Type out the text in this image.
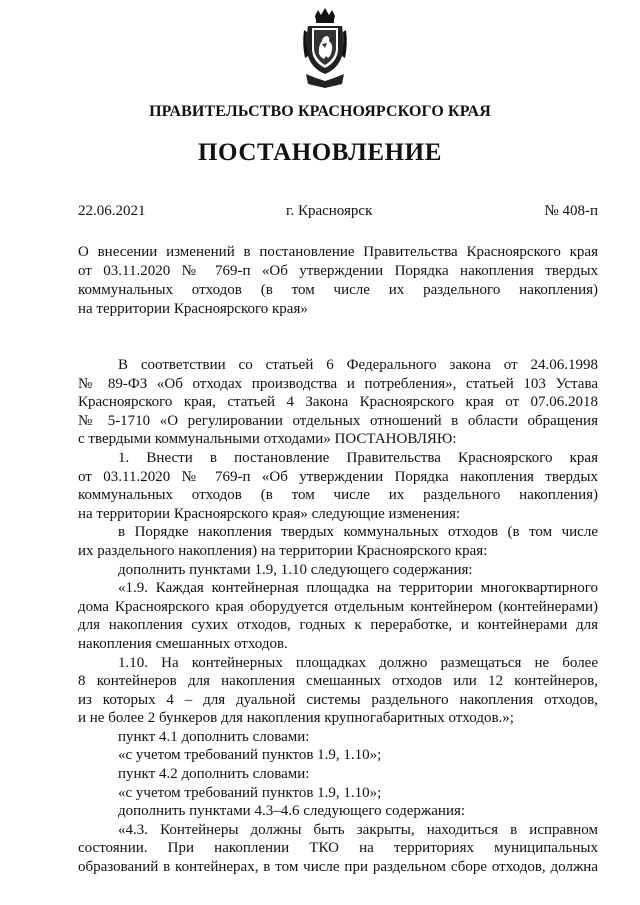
ПРАВИТЕЛЬСТВО КРАСНОЯРСКОГО КРАЯ
ПОСТАНОВЛЕНИЕ
22.06.2021	г. Красноярск	№ 408-п
О внесении изменений в постановление Правительства Красноярского края
от 03.11.2020 № 769-п «Об утверждении Порядка накопления твердых
коммунальных отходов (в том числе их раздельного накопления)
на территории Красноярского края»
В соответствии со статьей 6 Федерального закона от 24.06.1998
№ 89-ФЗ «Об отходах производства и потребления», статьей 103 Устава
Красноярского края, статьей 4 Закона Красноярского края от 07.06.2018
№ 5-1710 «О регулировании отдельных отношений в области обращения
с твердыми коммунальными отходами» ПОСТАНОВЛЯЮ:
1. Внести в постановление Правительства Красноярского края
от 03.11.2020 № 769-п «Об утверждении Порядка накопления твердых
коммунальных отходов (в том числе их раздельного накопления)
на территории Красноярского края» следующие изменения:
в Порядке накопления твердых коммунальных отходов (в том числе
их раздельного накопления) на территории Красноярского края:
дополнить пунктами 1.9, 1.10 следующего содержания:
«1.9. Каждая контейнерная площадка на территории многоквартирного
дома Красноярского края оборудуется отдельным контейнером (контейнерами)
для накопления сухих отходов, годных к переработке, и контейнерами для
накопления смешанных отходов.
1.10. На контейнерных площадках должно размещаться не более
8 контейнеров для накопления смешанных отходов или 12 контейнеров,
из которых 4 – для дуальной системы раздельного накопления отходов,
и не более 2 бункеров для накопления крупногабаритных отходов.»;
пункт 4.1 дополнить словами:
«с учетом требований пунктов 1.9, 1.10»;
пункт 4.2 дополнить словами:
«с учетом требований пунктов 1.9, 1.10»;
дополнить пунктами 4.3–4.6 следующего содержания:
«4.3. Контейнеры должны быть закрыты, находиться в исправном
состоянии. При накоплении ТКО на территориях муниципальных
образований в контейнерах, в том числе при раздельном сборе отходов, должна
